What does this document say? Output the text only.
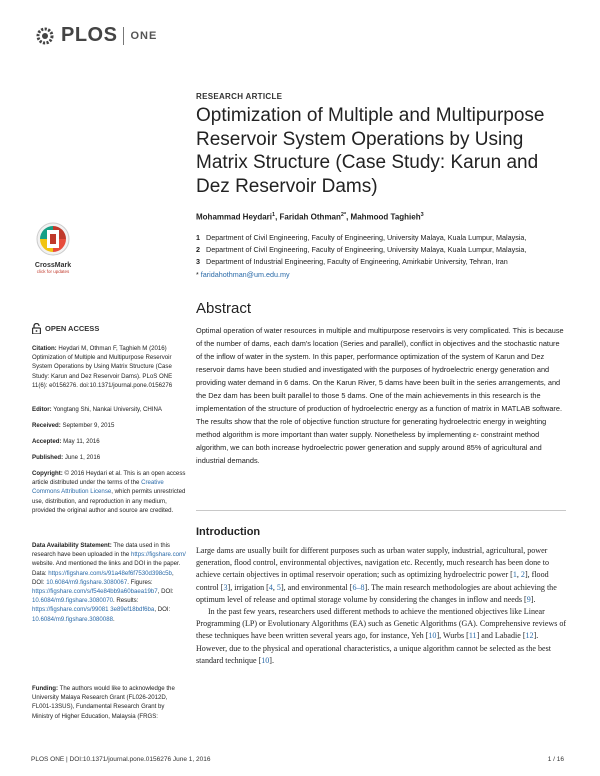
PLOS ONE
RESEARCH ARTICLE
Optimization of Multiple and Multipurpose Reservoir System Operations by Using Matrix Structure (Case Study: Karun and Dez Reservoir Dams)
Mohammad Heydari$^1$, Faridah Othman$^{2*}$, Mahmood Taghieh$^3$
1 Department of Civil Engineering, Faculty of Engineering, University Malaya, Kuala Lumpur, Malaysia,
2 Department of Civil Engineering, Faculty of Engineering, University Malaya, Kuala Lumpur, Malaysia,
3 Department of Industrial Engineering, Faculty of Engineering, Amirkabir University, Tehran, Iran
* faridahothman@um.edu.my
CrossMark
click for updates
OPEN ACCESS
Citation: Heydari M, Othman F, Taghieh M (2016) Optimization of Multiple and Multipurpose Reservoir System Operations by Using Matrix Structure (Case Study: Karun and Dez Reservoir Dams). PLoS ONE 11(6): e0156276. doi:10.1371/journal.pone.0156276
Editor: Yongtang Shi, Nankai University, CHINA
Received: September 9, 2015
Accepted: May 11, 2016
Published: June 1, 2016
Copyright: © 2016 Heydari et al. This is an open access article distributed under the terms of the Creative Commons Attribution License, which permits unrestricted use, distribution, and reproduction in any medium, provided the original author and source are credited.
Data Availability Statement: The data used in this research have been uploaded in the https://figshare.com/ website. And mentioned the links and DOI in the paper. Data: https://figshare.com/s/91a48ef6f7530d398c5b, DOI: 10.6084/m9.figshare.3080067. Figures: https://figshare.com/s/f54e84bb9a60baea19b7, DOI: 10.6084/m9.figshare.3080070. Results: https://figshare.com/s/99081 3e89ef18bdf6ba, DOI: 10.6084/m9.figshare.3080088.
Funding: The authors would like to acknowledge the University Malaya Research Grant (FL026-2012D, FL001-13SUS), Fundamental Research Grant by Ministry of Higher Education, Malaysia (FRGS:
Abstract

Optimal operation of water resources in multiple and multipurpose reservoirs is very complicated. This is because of the number of dams, each dam’s location (Series and parallel), conflict in objectives and the stochastic nature of the inflow of water in the system. In this paper, performance optimization of the system of Karun and Dez reservoir dams have been studied and investigated with the purposes of hydroelectric energy generation and providing water demand in 6 dams. On the Karun River, 5 dams have been built in the series arrangements, and the Dez dam has been built parallel to those 5 dams. One of the main achievements in this research is the implementation of the structure of production of hydroelectric energy as a function of matrix in MATLAB software. The results show that the role of objective function structure for generating hydroelectric energy in weighting method algorithm is more important than water supply. Nonetheless by implementing ε- constraint method algorithm, we can both increase hydroelectric power generation and supply around 85% of agricultural and industrial demands.

Introduction

Large dams are usually built for different purposes such as urban water supply, industrial, agricultural, power generation, flood control, environmental objectives, navigation etc. Recently, much research has been done to achieve certain objectives in optimal reservoir operation; such as optimizing hydroelectric power [1, 2], flood control [3], irrigation [4, 5], and environmental [6–8]. The main research methodologies are about achieving the optimum level of release and optimal storage volume by considering the changes in inflow and needs [9].

In the past few years, researchers used different methods to achieve the mentioned objectives like Linear Programming (LP) or Evolutionary Algorithms (EA) such as Genetic Algorithms (GA). Comprehensive reviews of these techniques have been written several years ago, for instance, Yeh [10], Wurbs [11] and Labadie [12]. However, due to the physical and operational characteristics, a unique algorithm cannot be selected as the best standard technique [10].

PLOS ONE | DOI:10.1371/journal.pone.0156276 June 1, 2016	1 / 16
